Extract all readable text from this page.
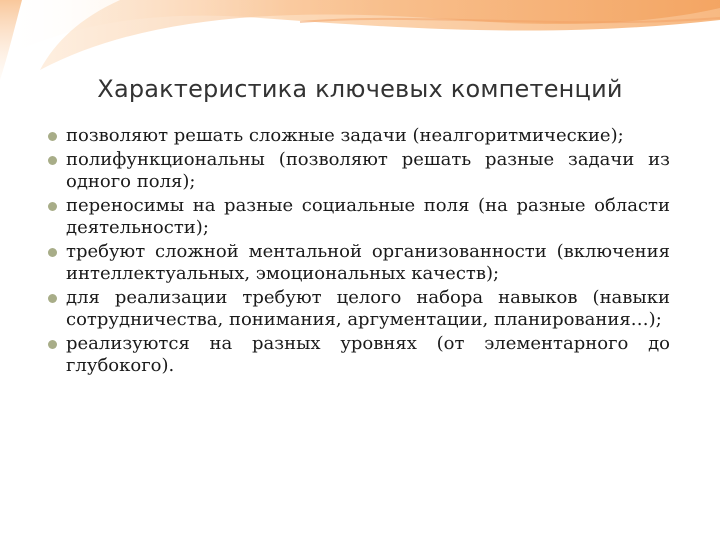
Характеристика ключевых компетенций
позволяют решать сложные задачи (неалгоритмические);
полифункциональны (позволяют решать разные задачи из одного поля);
переносимы на разные социальные поля (на разные области деятельности);
требуют сложной ментальной организованности (включения интеллектуальных, эмоциональных качеств);
для реализации требуют целого набора навыков (навыки сотрудничества, понимания, аргументации, планирования…);
реализуются на разных уровнях (от элементарного до глубокого).
